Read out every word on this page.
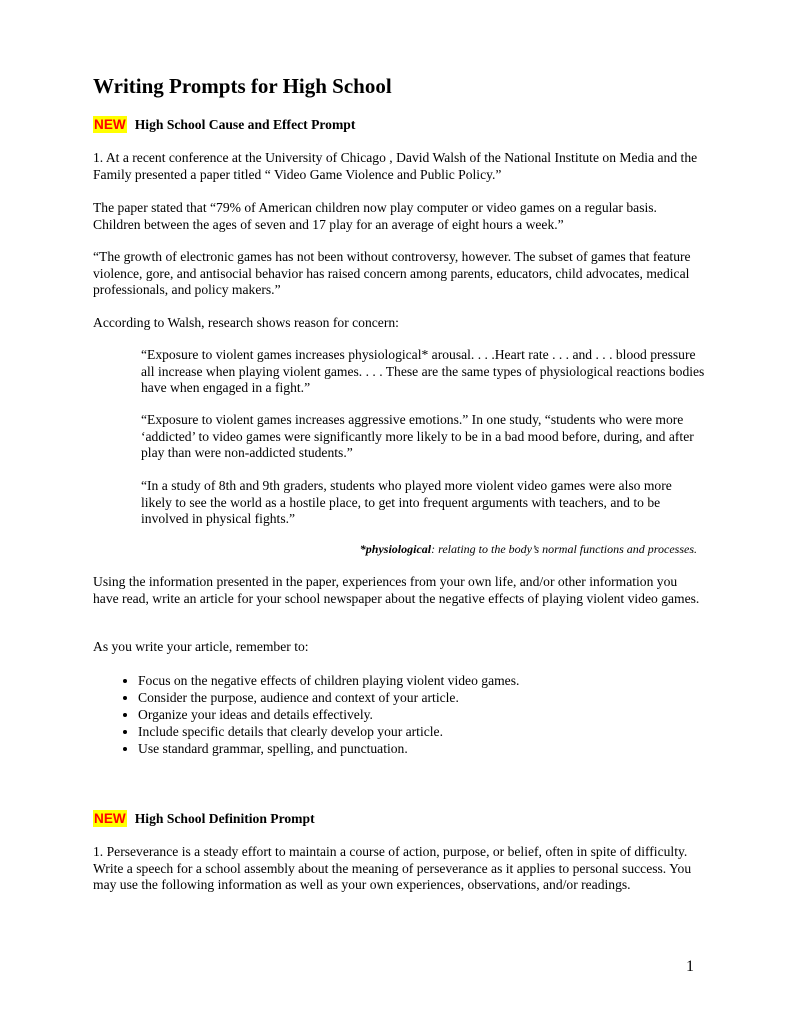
Writing Prompts for High School

NEW High School Cause and Effect Prompt

1. At a recent conference at the University of Chicago , David Walsh of the National Institute on Media and the Family presented a paper titled “ Video Game Violence and Public Policy.”

The paper stated that “79% of American children now play computer or video games on a regular basis. Children between the ages of seven and 17 play for an average of eight hours a week.”

“The growth of electronic games has not been without controversy, however. The subset of games that feature violence, gore, and antisocial behavior has raised concern among parents, educators, child advocates, medical professionals, and policy makers.”

According to Walsh, research shows reason for concern:

“Exposure to violent games increases physiological* arousal. . . .Heart rate . . . and . . . blood pressure all increase when playing violent games. . . . These are the same types of physiological reactions bodies have when engaged in a fight.”

“Exposure to violent games increases aggressive emotions.” In one study, “students who were more ‘addicted’ to video games were significantly more likely to be in a bad mood before, during, and after play than were non-addicted students.”

“In a study of 8th and 9th graders, students who played more violent video games were also more likely to see the world as a hostile place, to get into frequent arguments with teachers, and to be involved in physical fights.”

*physiological: relating to the body’s normal functions and processes.

Using the information presented in the paper, experiences from your own life, and/or other information you have read, write an article for your school newspaper about the negative effects of playing violent video games.

As you write your article, remember to:

• Focus on the negative effects of children playing violent video games.
• Consider the purpose, audience and context of your article.
• Organize your ideas and details effectively.
• Include specific details that clearly develop your article.
• Use standard grammar, spelling, and punctuation.

NEW High School Definition Prompt

1. Perseverance is a steady effort to maintain a course of action, purpose, or belief, often in spite of difficulty. Write a speech for a school assembly about the meaning of perseverance as it applies to personal success. You may use the following information as well as your own experiences, observations, and/or readings.

1
